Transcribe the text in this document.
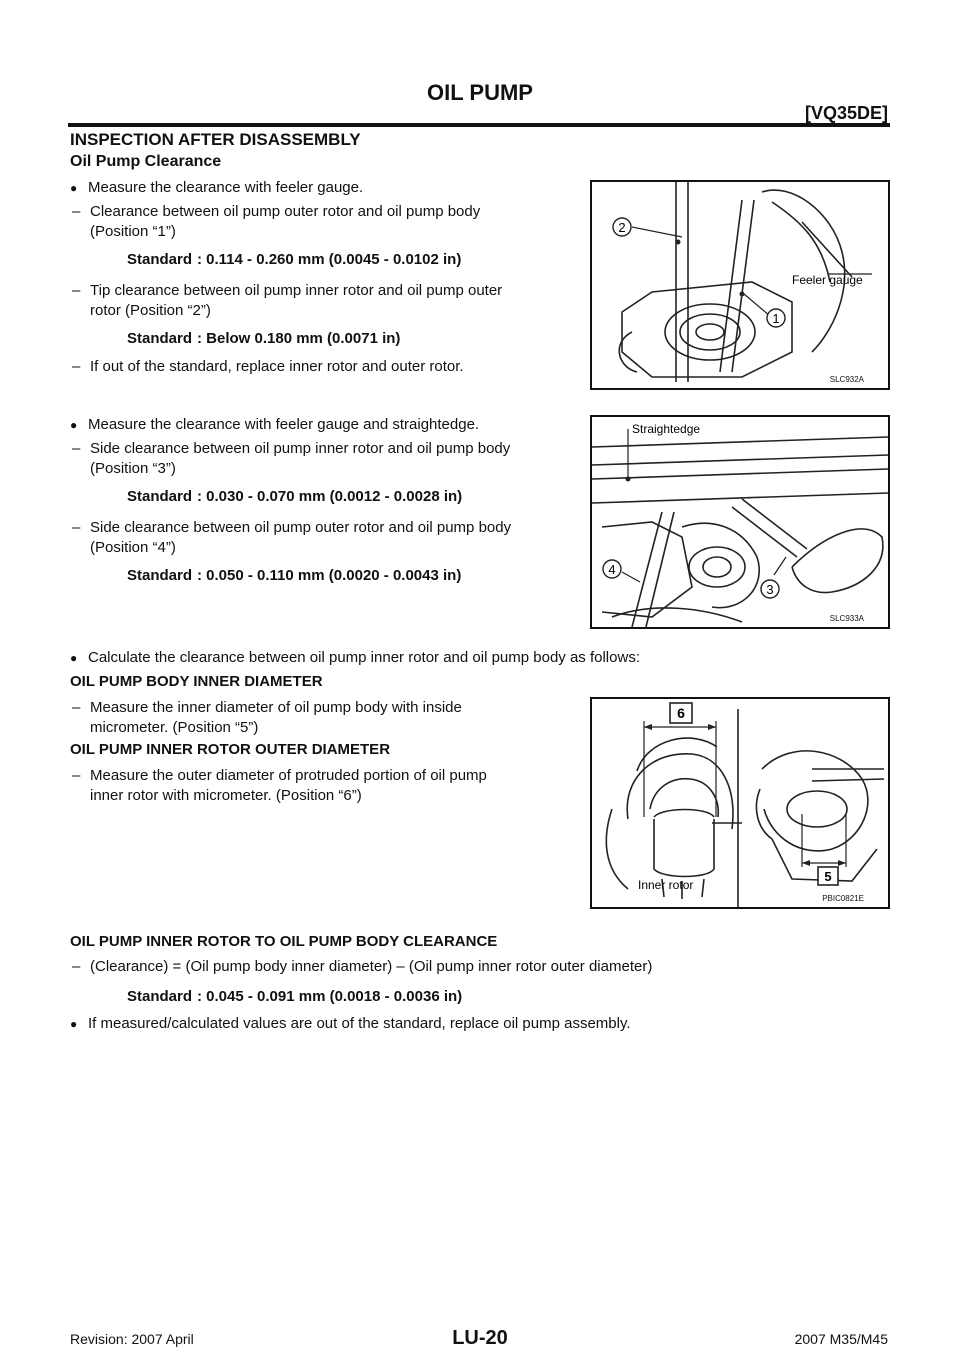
OIL PUMP
[VQ35DE]
INSPECTION AFTER DISASSEMBLY
Oil Pump Clearance
● Measure the clearance with feeler gauge.
– Clearance between oil pump outer rotor and oil pump body
(Position “1”)
Standard : 0.114 - 0.260 mm (0.0045 - 0.0102 in)
– Tip clearance between oil pump inner rotor and oil pump outer
rotor (Position “2”)
Standard : Below 0.180 mm (0.0071 in)
– If out of the standard, replace inner rotor and outer rotor.
2
1
Feeler gauge
SLC932A
● Measure the clearance with feeler gauge and straightedge.
– Side clearance between oil pump inner rotor and oil pump body
(Position “3”)
Standard : 0.030 - 0.070 mm (0.0012 - 0.0028 in)
– Side clearance between oil pump outer rotor and oil pump body
(Position “4”)
Standard : 0.050 - 0.110 mm (0.0020 - 0.0043 in)
Straightedge
4
3
SLC933A
● Calculate the clearance between oil pump inner rotor and oil pump body as follows:
OIL PUMP BODY INNER DIAMETER
– Measure the inner diameter of oil pump body with inside
micrometer. (Position “5”)
OIL PUMP INNER ROTOR OUTER DIAMETER
– Measure the outer diameter of protruded portion of oil pump
inner rotor with micrometer. (Position “6”)
6
5
Inner rotor
PBIC0821E
OIL PUMP INNER ROTOR TO OIL PUMP BODY CLEARANCE
– (Clearance) = (Oil pump body inner diameter) – (Oil pump inner rotor outer diameter)
Standard : 0.045 - 0.091 mm (0.0018 - 0.0036 in)
● If measured/calculated values are out of the standard, replace oil pump assembly.
LU-20
Revision: 2007 April	2007 M35/M45
